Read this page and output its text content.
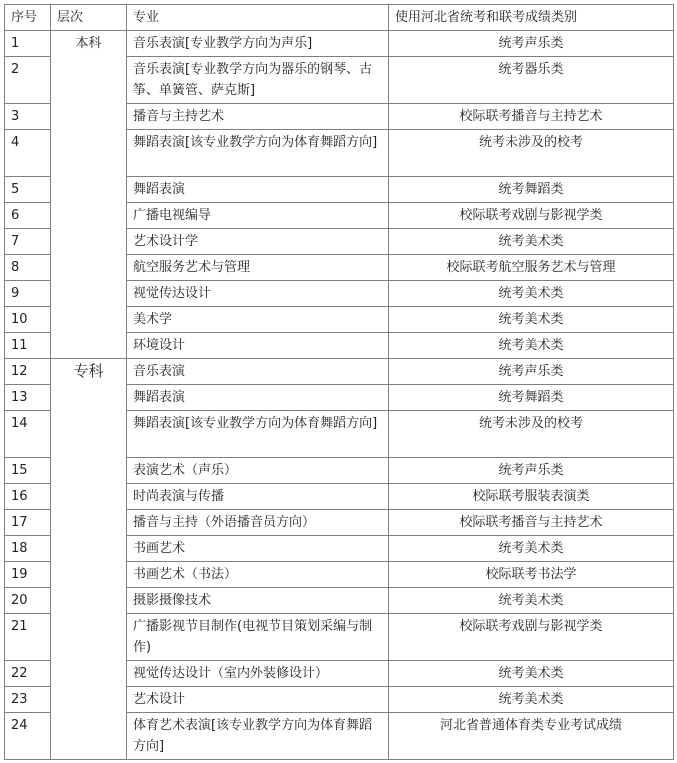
序号	层次	专业	使用河北省统考和联考成绩类别
1	本科	音乐表演[专业教学方向为声乐]	统考声乐类
2		音乐表演[专业教学方向为器乐的钢琴、古筝、单簧管、萨克斯]	统考器乐类
3		播音与主持艺术	校际联考播音与主持艺术
4		舞蹈表演[该专业教学方向为体育舞蹈方向]	统考未涉及的校考
5		舞蹈表演	统考舞蹈类
6		广播电视编导	校际联考戏剧与影视学类
7		艺术设计学	统考美术类
8		航空服务艺术与管理	校际联考航空服务艺术与管理
9		视觉传达设计	统考美术类
10		美术学	统考美术类
11		环境设计	统考美术类
12	专科	音乐表演	统考声乐类
13		舞蹈表演	统考舞蹈类
14		舞蹈表演[该专业教学方向为体育舞蹈方向]	统考未涉及的校考
15		表演艺术（声乐）	统考声乐类
16		时尚表演与传播	校际联考服装表演类
17		播音与主持（外语播音员方向）	校际联考播音与主持艺术
18		书画艺术	统考美术类
19		书画艺术（书法）	校际联考书法学
20		摄影摄像技术	统考美术类
21		广播影视节目制作(电视节目策划采编与制作)	校际联考戏剧与影视学类
22		视觉传达设计（室内外装修设计）	统考美术类
23		艺术设计	统考美术类
24		体育艺术表演[该专业教学方向为体育舞蹈方向]	河北省普通体育类专业考试成绩
